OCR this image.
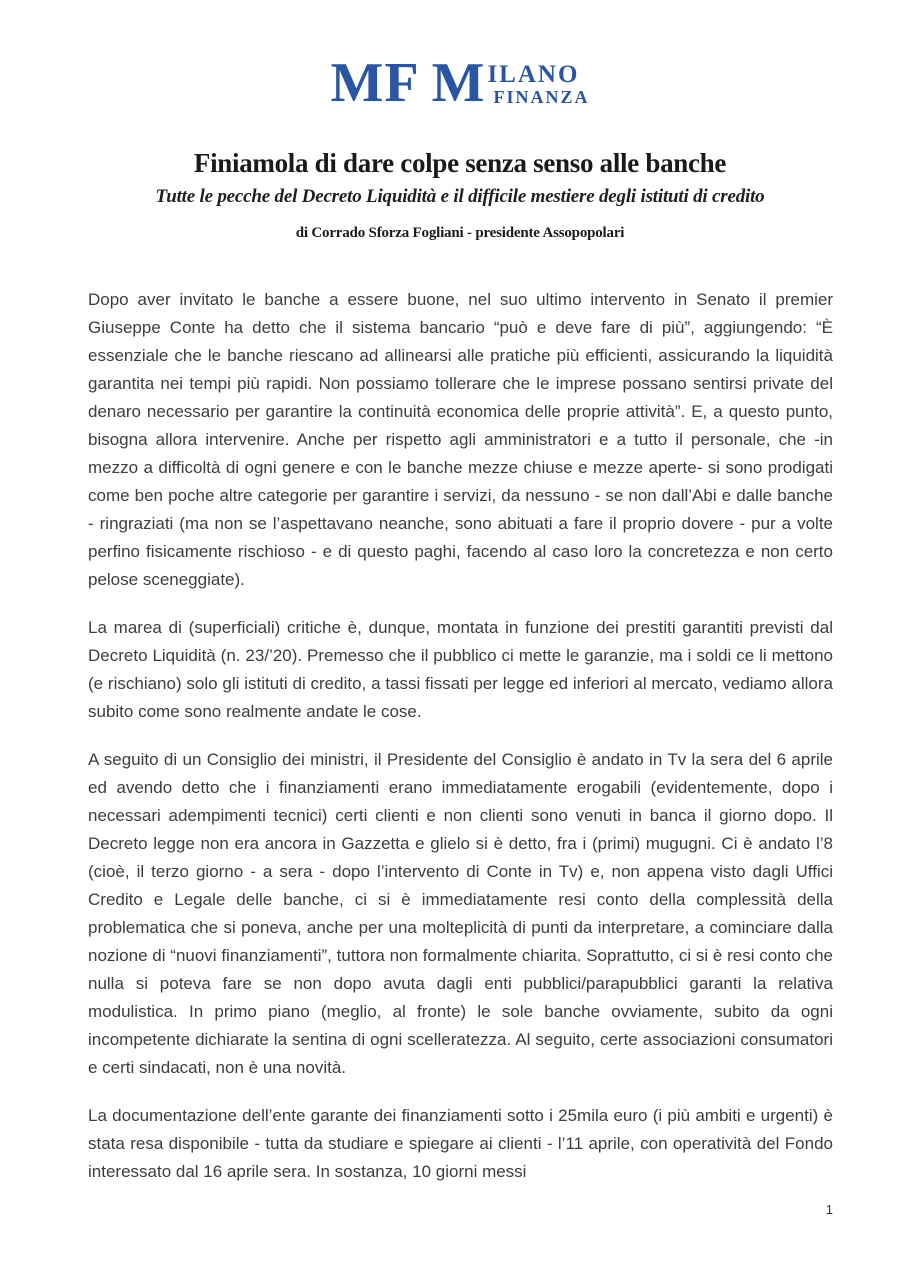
MF M ILANO
FINANZA
Finiamola di dare colpe senza senso alle banche
Tutte le pecche del Decreto Liquidità e il difficile mestiere degli istituti di credito
di Corrado Sforza Fogliani - presidente Assopopolari

Dopo aver invitato le banche a essere buone, nel suo ultimo intervento in Senato il premier Giuseppe Conte ha detto che il sistema bancario “può e deve fare di più”, aggiungendo: “È essenziale che le banche riescano ad allinearsi alle pratiche più efficienti, assicurando la liquidità garantita nei tempi più rapidi. Non possiamo tollerare che le imprese possano sentirsi private del denaro necessario per garantire la continuità economica delle proprie attività”. E, a questo punto, bisogna allora intervenire. Anche per rispetto agli amministratori e a tutto il personale, che -in mezzo a difficoltà di ogni genere e con le banche mezze chiuse e mezze aperte- si sono prodigati come ben poche altre categorie per garantire i servizi, da nessuno - se non dall’Abi e dalle banche - ringraziati (ma non se l’aspettavano neanche, sono abituati a fare il proprio dovere - pur a volte perfino fisicamente rischioso - e di questo paghi, facendo al caso loro la concretezza e non certo pelose sceneggiate).

La marea di (superficiali) critiche è, dunque, montata in funzione dei prestiti garantiti previsti dal Decreto Liquidità (n. 23/’20). Premesso che il pubblico ci mette le garanzie, ma i soldi ce li mettono (e rischiano) solo gli istituti di credito, a tassi fissati per legge ed inferiori al mercato, vediamo allora subito come sono realmente andate le cose.

A seguito di un Consiglio dei ministri, il Presidente del Consiglio è andato in Tv la sera del 6 aprile ed avendo detto che i finanziamenti erano immediatamente erogabili (evidentemente, dopo i necessari adempimenti tecnici) certi clienti e non clienti sono venuti in banca il giorno dopo. Il Decreto legge non era ancora in Gazzetta e glielo si è detto, fra i (primi) mugugni. Ci è andato l’8 (cioè, il terzo giorno - a sera - dopo l’intervento di Conte in Tv) e, non appena visto dagli Uffici Credito e Legale delle banche, ci si è immediatamente resi conto della complessità della problematica che si poneva, anche per una molteplicità di punti da interpretare, a cominciare dalla nozione di “nuovi finanziamenti”, tuttora non formalmente chiarita. Soprattutto, ci si è resi conto che nulla si poteva fare se non dopo avuta dagli enti pubblici/parapubblici garanti la relativa modulistica. In primo piano (meglio, al fronte) le sole banche ovviamente, subito da ogni incompetente dichiarate la sentina di ogni scelleratezza. Al seguito, certe associazioni consumatori e certi sindacati, non è una novità.

La documentazione dell’ente garante dei finanziamenti sotto i 25mila euro (i più ambiti e urgenti) è stata resa disponibile - tutta da studiare e spiegare ai clienti - l’11 aprile, con operatività del Fondo interessato dal 16 aprile sera. In sostanza, 10 giorni messi

1
